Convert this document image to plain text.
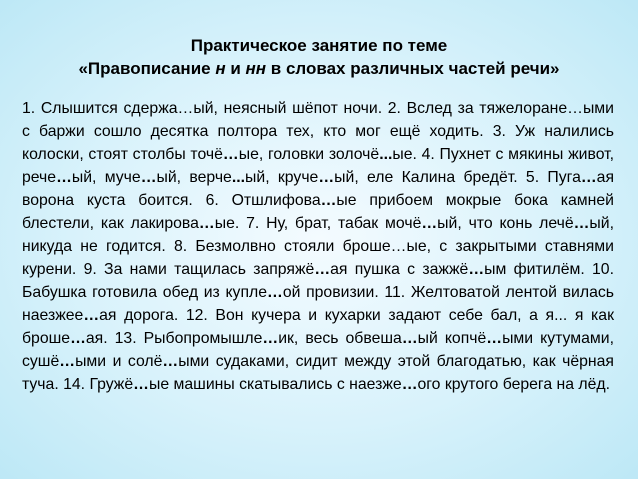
Практическое занятие по теме
«Правописание н и нн в словах различных частей речи»
1. Слышится сдержа…ый, неясный шёпот ночи. 2. Вслед за тяжелоране…ыми с баржи сошло десятка полтора тех, кто мог ещё ходить. 3. Уж налились колоски, стоят столбы точё…ые, головки золочё...ые. 4. Пухнет с мякины живот, рече…ый, муче…ый, верче...ый, круче…ый, еле Калина бредёт. 5. Пуга…ая ворона куста боится. 6. Отшлифова…ые прибоем мокрые бока камней блестели, как лакирова…ые. 7. Ну, брат, табак мочё…ый, что конь лечё…ый, никуда не годится. 8. Безмолвно стояли броше…ые, с закрытыми ставнями курени. 9. За нами тащилась запряжё…ая пушка с зажжё…ым фитилём. 10. Бабушка готовила обед из купле…ой провизии. 11. Желтоватой лентой вилась наезжее…ая дорога. 12. Вон кучера и кухарки задают себе бал, а я... я как броше…ая. 13. Рыбопромышле…ик, весь обвеша…ый копчё…ыми кутумами, сушё…ыми и солё…ыми судаками, сидит между этой благодатью, как чёрная туча. 14. Гружё…ые машины скатывались с наезже…ого крутого берега на лёд.
